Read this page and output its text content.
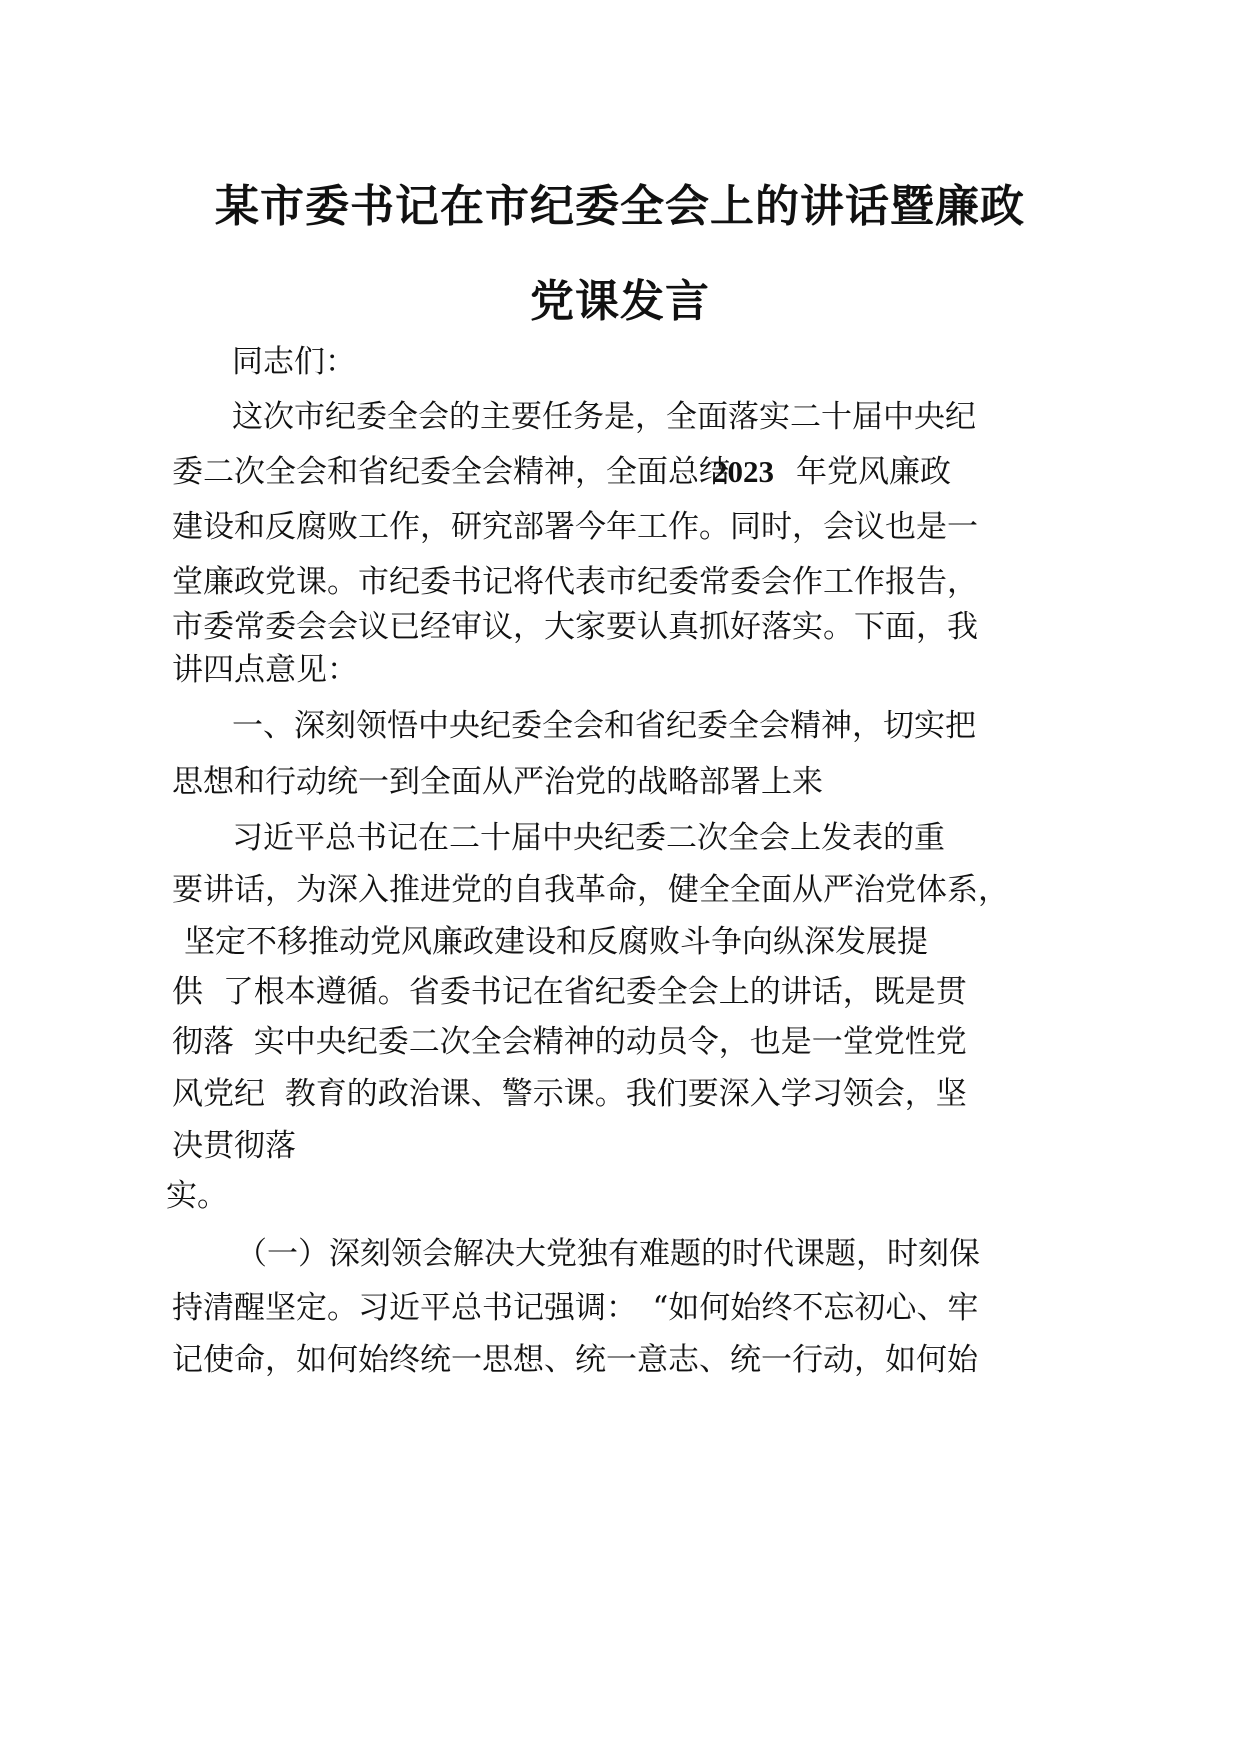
某市委书记在市纪委全会上的讲话暨廉政
党课发言

同志们：

这次市纪委全会的主要任务是，全面落实二十届中央纪

委二次全会和省纪委全会精神，全面总结

2023 年党风廉政

建设和反腐败工作，研究部署今年工作。同时，会议也是一

堂廉政党课。市纪委书记将代表市纪委常委会作工作报告，

市委常委会会议已经审议，大家要认真抓好落实。下面，我

讲四点意见：

一、深刻领悟中央纪委全会和省纪委全会精神，切实把

思想和行动统一到全面从严治党的战略部署上来

习近平总书记在二十届中央纪委二次全会上发表的重

要讲话，为深入推进党的自我革命，健全全面从严治党体系，

坚定不移推动党风廉政建设和反腐败斗争向纵深发展提

供  了根本遵循。省委书记在省纪委全会上的讲话，既是贯

彻落  实中央纪委二次全会精神的动员令，也是一堂党性党

风党纪  教育的政治课、警示课。我们要深入学习领会，坚

决贯彻落

实。

（一）深刻领会解决大党独有难题的时代课题，时刻保

持清醒坚定。习近平总书记强调：　“如何始终不忘初心、牢

记使命，如何始终统一思想、统一意志、统一行动，如何始
